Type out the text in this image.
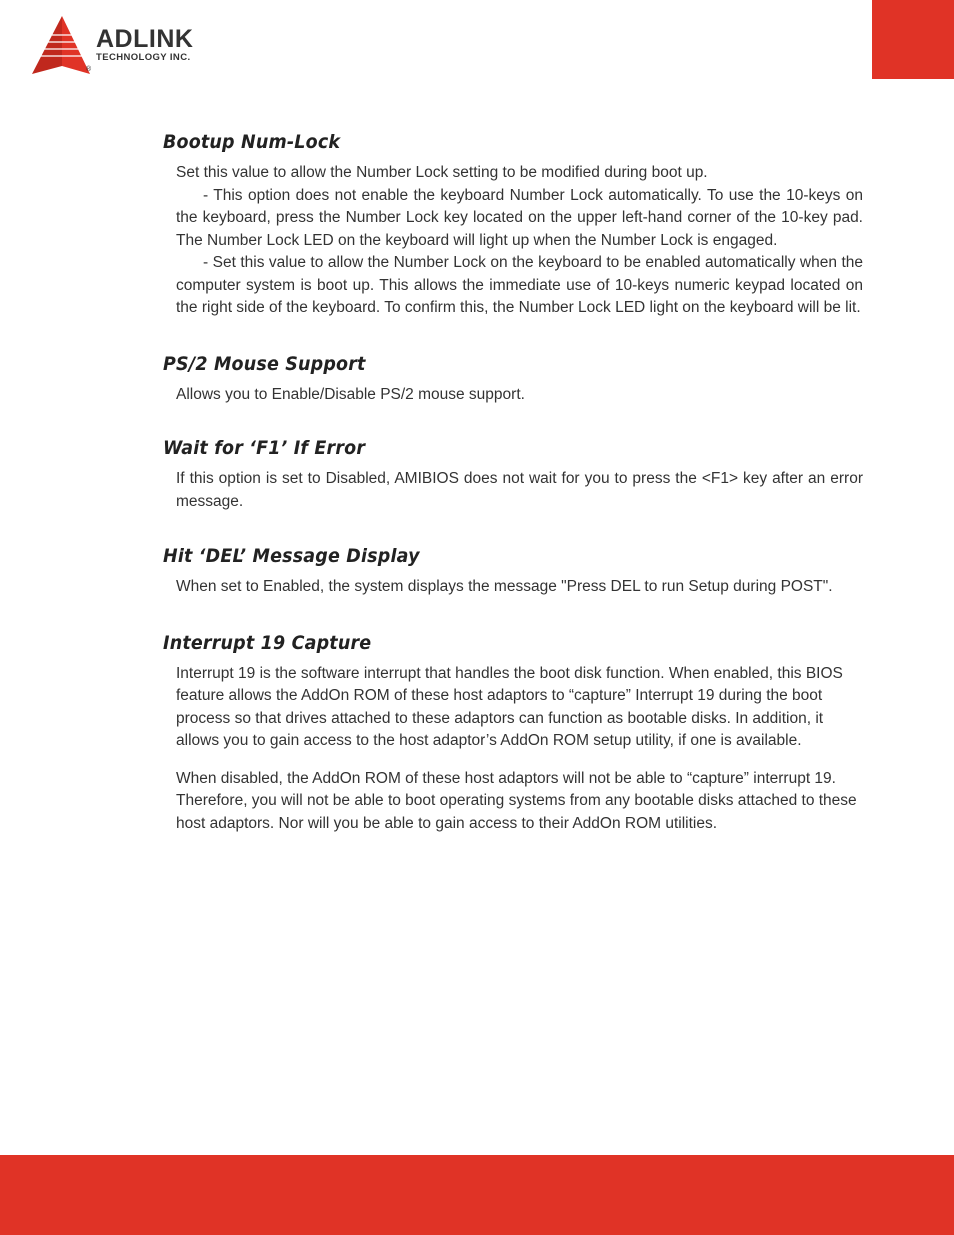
ADLINK
TECHNOLOGY INC.
®
Bootup Num-Lock

Set this value to allow the Number Lock setting to be modified during boot up.

- This option does not enable the keyboard Number Lock automatically. To use the 10-keys on the keyboard, press the Number Lock key located on the upper left-hand corner of the 10-key pad. The Number Lock LED on the keyboard will light up when the Number Lock is engaged.

- Set this value to allow the Number Lock on the keyboard to be enabled automatically when the computer system is boot up. This allows the immediate use of 10-keys numeric keypad located on the right side of the keyboard. To confirm this, the Number Lock LED light on the keyboard will be lit.

PS/2 Mouse Support

Allows you to Enable/Disable PS/2 mouse support.

Wait for ‘F1’ If Error

If this option is set to Disabled, AMIBIOS does not wait for you to press the <F1> key after an error message.

Hit ‘DEL’ Message Display

When set to Enabled, the system displays the message "Press DEL to run Setup during POST".

Interrupt 19 Capture

Interrupt 19 is the software interrupt that handles the boot disk function. When enabled, this BIOS feature allows the AddOn ROM of these host adaptors to “capture” Interrupt 19 during the boot process so that drives attached to these adaptors can function as bootable disks. In addition, it allows you to gain access to the host adaptor’s AddOn ROM setup utility, if one is available.

When disabled, the AddOn ROM of these host adaptors will not be able to “capture” interrupt 19. Therefore, you will not be able to boot operating systems from any bootable disks attached to these host adaptors. Nor will you be able to gain access to their AddOn ROM utilities.
